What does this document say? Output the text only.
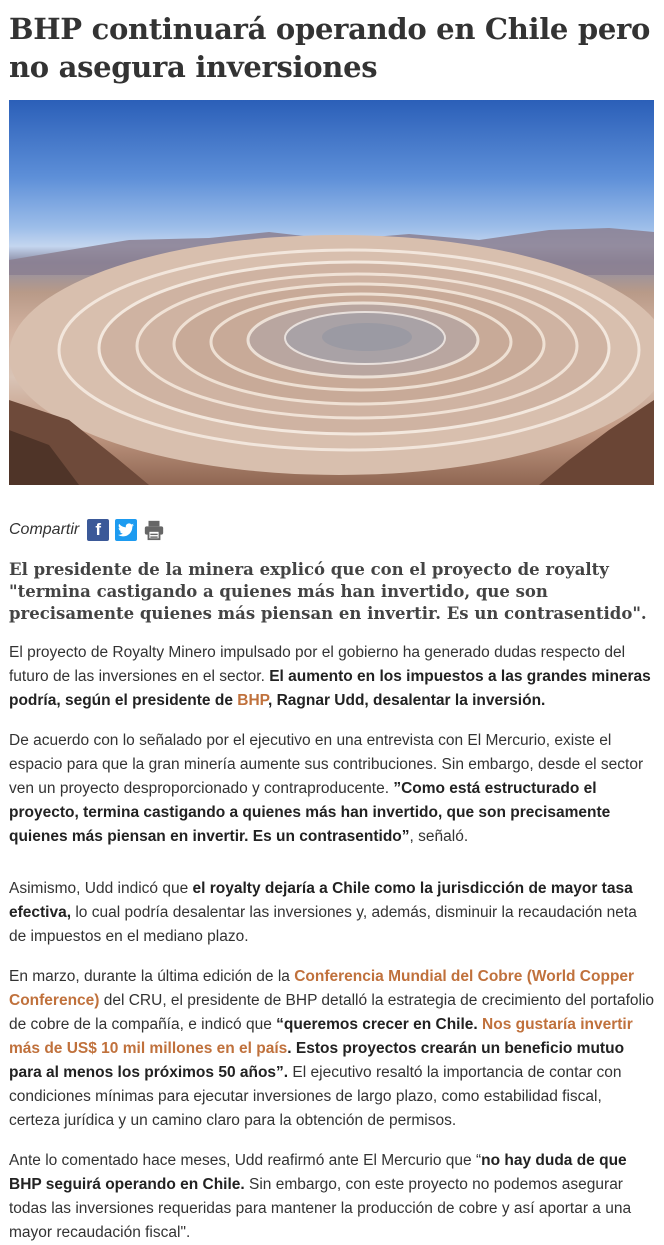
BHP continuará operando en Chile pero no asegura inversiones
Compartir f

El presidente de la minera explicó que con el proyecto de royalty "termina castigando a quienes más han invertido, que son precisamente quienes más piensan en invertir. Es un contrasentido".

El proyecto de Royalty Minero impulsado por el gobierno ha generado dudas respecto del futuro de las inversiones en el sector. El aumento en los impuestos a las grandes mineras podría, según el presidente de BHP, Ragnar Udd, desalentar la inversión.

De acuerdo con lo señalado por el ejecutivo en una entrevista con El Mercurio, existe el espacio para que la gran minería aumente sus contribuciones. Sin embargo, desde el sector ven un proyecto desproporcionado y contraproducente. ”Como está estructurado el proyecto, termina castigando a quienes más han invertido, que son precisamente quienes más piensan en invertir. Es un contrasentido”, señaló.

Asimismo, Udd indicó que el royalty dejaría a Chile como la jurisdicción de mayor tasa efectiva, lo cual podría desalentar las inversiones y, además, disminuir la recaudación neta de impuestos en el mediano plazo.

En marzo, durante la última edición de la Conferencia Mundial del Cobre (World Copper Conference) del CRU, el presidente de BHP detalló la estrategia de crecimiento del portafolio de cobre de la compañía, e indicó que “queremos crecer en Chile. Nos gustaría invertir más de US$ 10 mil millones en el país. Estos proyectos crearán un beneficio mutuo para al menos los próximos 50 años”. El ejecutivo resaltó la importancia de contar con condiciones mínimas para ejecutar inversiones de largo plazo, como estabilidad fiscal, certeza jurídica y un camino claro para la obtención de permisos.

Ante lo comentado hace meses, Udd reafirmó ante El Mercurio que “no hay duda de que BHP seguirá operando en Chile. Sin embargo, con este proyecto no podemos asegurar todas las inversiones requeridas para mantener la producción de cobre y así aportar a una mayor recaudación fiscal".
